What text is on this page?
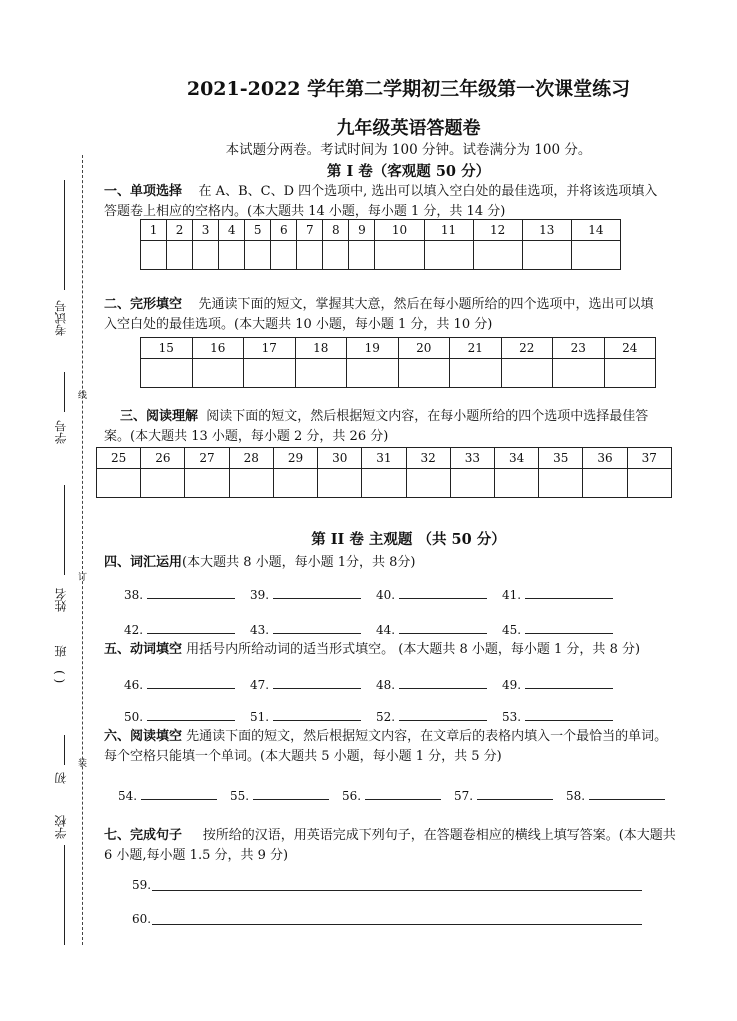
2021-2022 学年第二学期初三年级第一次课堂练习
九年级英语答题卷
本试题分两卷。考试时间为 100 分钟。试卷满分为 100 分。
第 I 卷（客观题 50 分）
一、单项选择 在 A、B、C、D 四个选项中, 选出可以填入空白处的最佳选项，并将该选项填入答题卷上相应的空格内。(本大题共 14 小题，每小题 1 分，共 14 分)
1	2	3	4	5	6	7	8	9	10	11	12	13	14

二、完形填空 先通读下面的短文，掌握其大意，然后在每小题所给的四个选项中，选出可以填入空白处的最佳选项。(本大题共 10 小题，每小题 1 分，共 10 分)
15	16	17	18	19	20	21	22	23	24

三、阅读理解 阅读下面的短文，然后根据短文内容，在每小题所给的四个选项中选择最佳答案。(本大题共 13 小题，每小题 2 分，共 26 分)
25	26	27	28	29	30	31	32	33	34	35	36	37

第 II 卷 主观题 （共 50 分）
四、词汇运用(本大题共 8 小题，每小题 1分，共 8分)
38.	39.	40.	41.
42.	43.	44.	45.
五、动词填空 用括号内所给动词的适当形式填空。 (本大题共 8 小题，每小题 1 分，共 8 分)
46.	47.	48.	49.
50.	51.	52.	53.
六、阅读填空 先通读下面的短文，然后根据短文内容，在文章后的表格内填入一个最恰当的单词。每个空格只能填一个单词。(本大题共 5 小题，每小题 1 分，共 5 分)
54.	55.	56.	57.	58.
七、完成句子 按所给的汉语，用英语完成下列句子，在答题卷相应的横线上填写答案。(本大题共 6 小题,每小题 1.5 分，共 9 分)
59.
60.
考试号
学号
线
姓名
订
班
( )
初
装
学校
